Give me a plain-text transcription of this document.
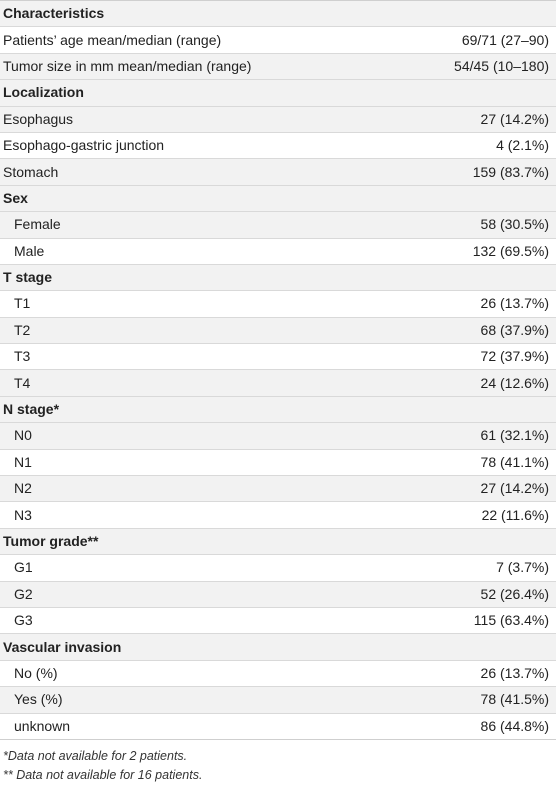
Characteristics	
Patients’ age mean/median (range)	69/71 (27–90)
Tumor size in mm mean/median (range)	54/45 (10–180)
Localization	
Esophagus	27 (14.2%)
Esophago-gastric junction	4 (2.1%)
Stomach	159 (83.7%)
Sex	
Female	58 (30.5%)
Male	132 (69.5%)
T stage	
T1	26 (13.7%)
T2	68 (37.9%)
T3	72 (37.9%)
T4	24 (12.6%)
N stage*	
N0	61 (32.1%)
N1	78 (41.1%)
N2	27 (14.2%)
N3	22 (11.6%)
Tumor grade**	
G1	7 (3.7%)
G2	52 (26.4%)
G3	115 (63.4%)
Vascular invasion	
No (%)	26 (13.7%)
Yes (%)	78 (41.5%)
unknown	86 (44.8%)
*Data not available for 2 patients.
** Data not available for 16 patients.
